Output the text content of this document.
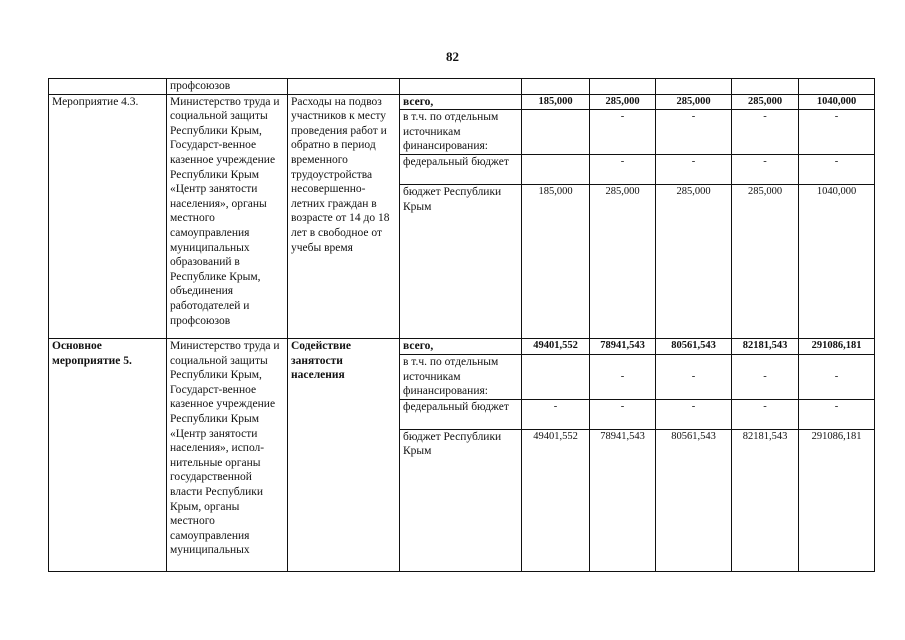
82
	профсоюзов							
Мероприятие 4.3.	Министерство труда и социальной защиты Республики Крым, Государст-венное казенное учреждение Республики Крым «Центр занятости населения», органы местного самоуправления муниципальных образований в Республике Крым, объединения работодателей и профсоюзов	Расходы на подвоз участников к месту проведения работ и обратно в период временного трудоустройства несовершенно-летних граждан в возрасте от 14 до 18 лет в свободное от учебы время	всего,	185,000	285,000	285,000	285,000	1040,000
			в т.ч. по отдельным источникам финансирования:		-	-	-	-
			федеральный бюджет		-	-	-	-
			бюджет Республики Крым	185,000	285,000	285,000	285,000	1040,000
Основное мероприятие 5.	Министерство труда и социальной защиты Республики Крым, Государст-венное казенное учреждение Республики Крым «Центр занятости населения», испол-нительные органы государственной власти Республики Крым, органы местного самоуправления муниципальных	Содействие занятости населения	всего,	49401,552	78941,543	80561,543	82181,543	291086,181
			в т.ч. по отдельным источникам финансирования:		-	-	-	-
			федеральный бюджет	-	-	-	-	-
			бюджет Республики Крым	49401,552	78941,543	80561,543	82181,543	291086,181
